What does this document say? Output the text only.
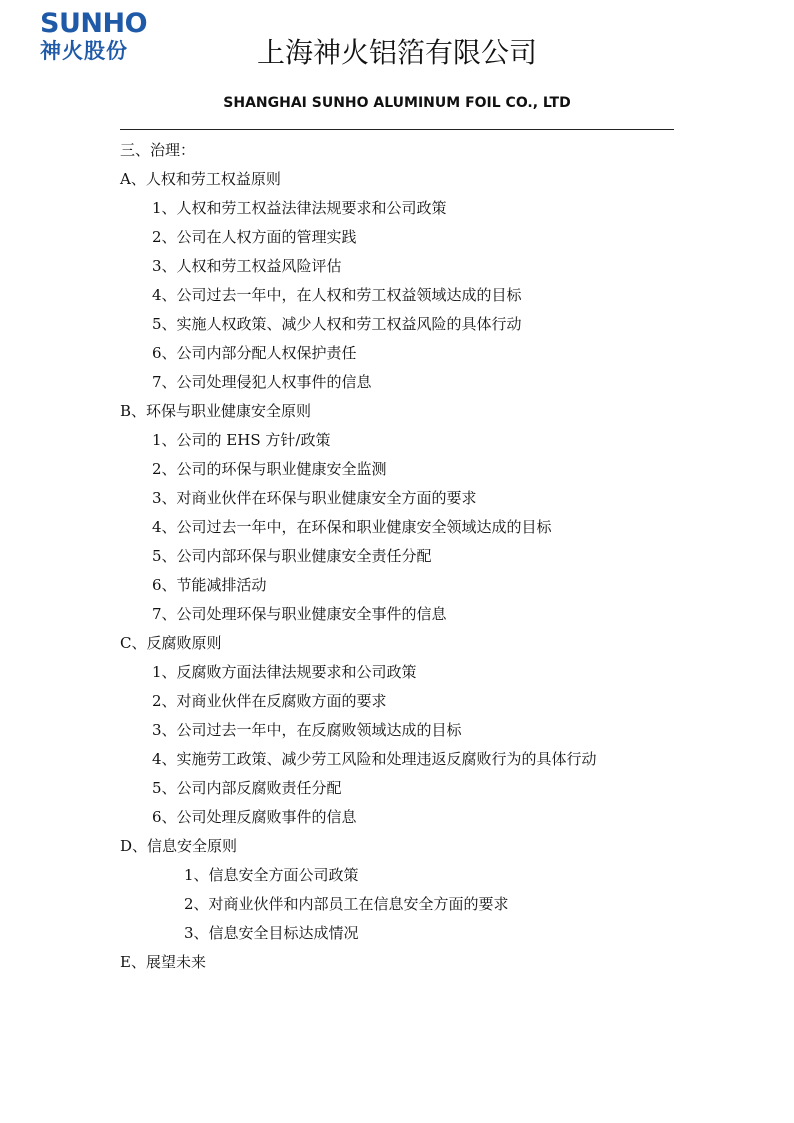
SUNHO
神火股份	上海神火铝箔有限公司
SHANGHAI SUNHO ALUMINUM FOIL CO., LTD
三、治理：
A、人权和劳工权益原则
1、人权和劳工权益法律法规要求和公司政策
2、公司在人权方面的管理实践
3、人权和劳工权益风险评估
4、公司过去一年中，在人权和劳工权益领域达成的目标
5、实施人权政策、减少人权和劳工权益风险的具体行动
6、公司内部分配人权保护责任
7、公司处理侵犯人权事件的信息
B、环保与职业健康安全原则
1、公司的 EHS 方针/政策
2、公司的环保与职业健康安全监测
3、对商业伙伴在环保与职业健康安全方面的要求
4、公司过去一年中，在环保和职业健康安全领域达成的目标
5、公司内部环保与职业健康安全责任分配
6、节能减排活动
7、公司处理环保与职业健康安全事件的信息
C、反腐败原则
1、反腐败方面法律法规要求和公司政策
2、对商业伙伴在反腐败方面的要求
3、公司过去一年中，在反腐败领域达成的目标
4、实施劳工政策、减少劳工风险和处理违返反腐败行为的具体行动
5、公司内部反腐败责任分配
6、公司处理反腐败事件的信息
D、信息安全原则
1、信息安全方面公司政策
2、对商业伙伴和内部员工在信息安全方面的要求
3、信息安全目标达成情况
E、展望未来
